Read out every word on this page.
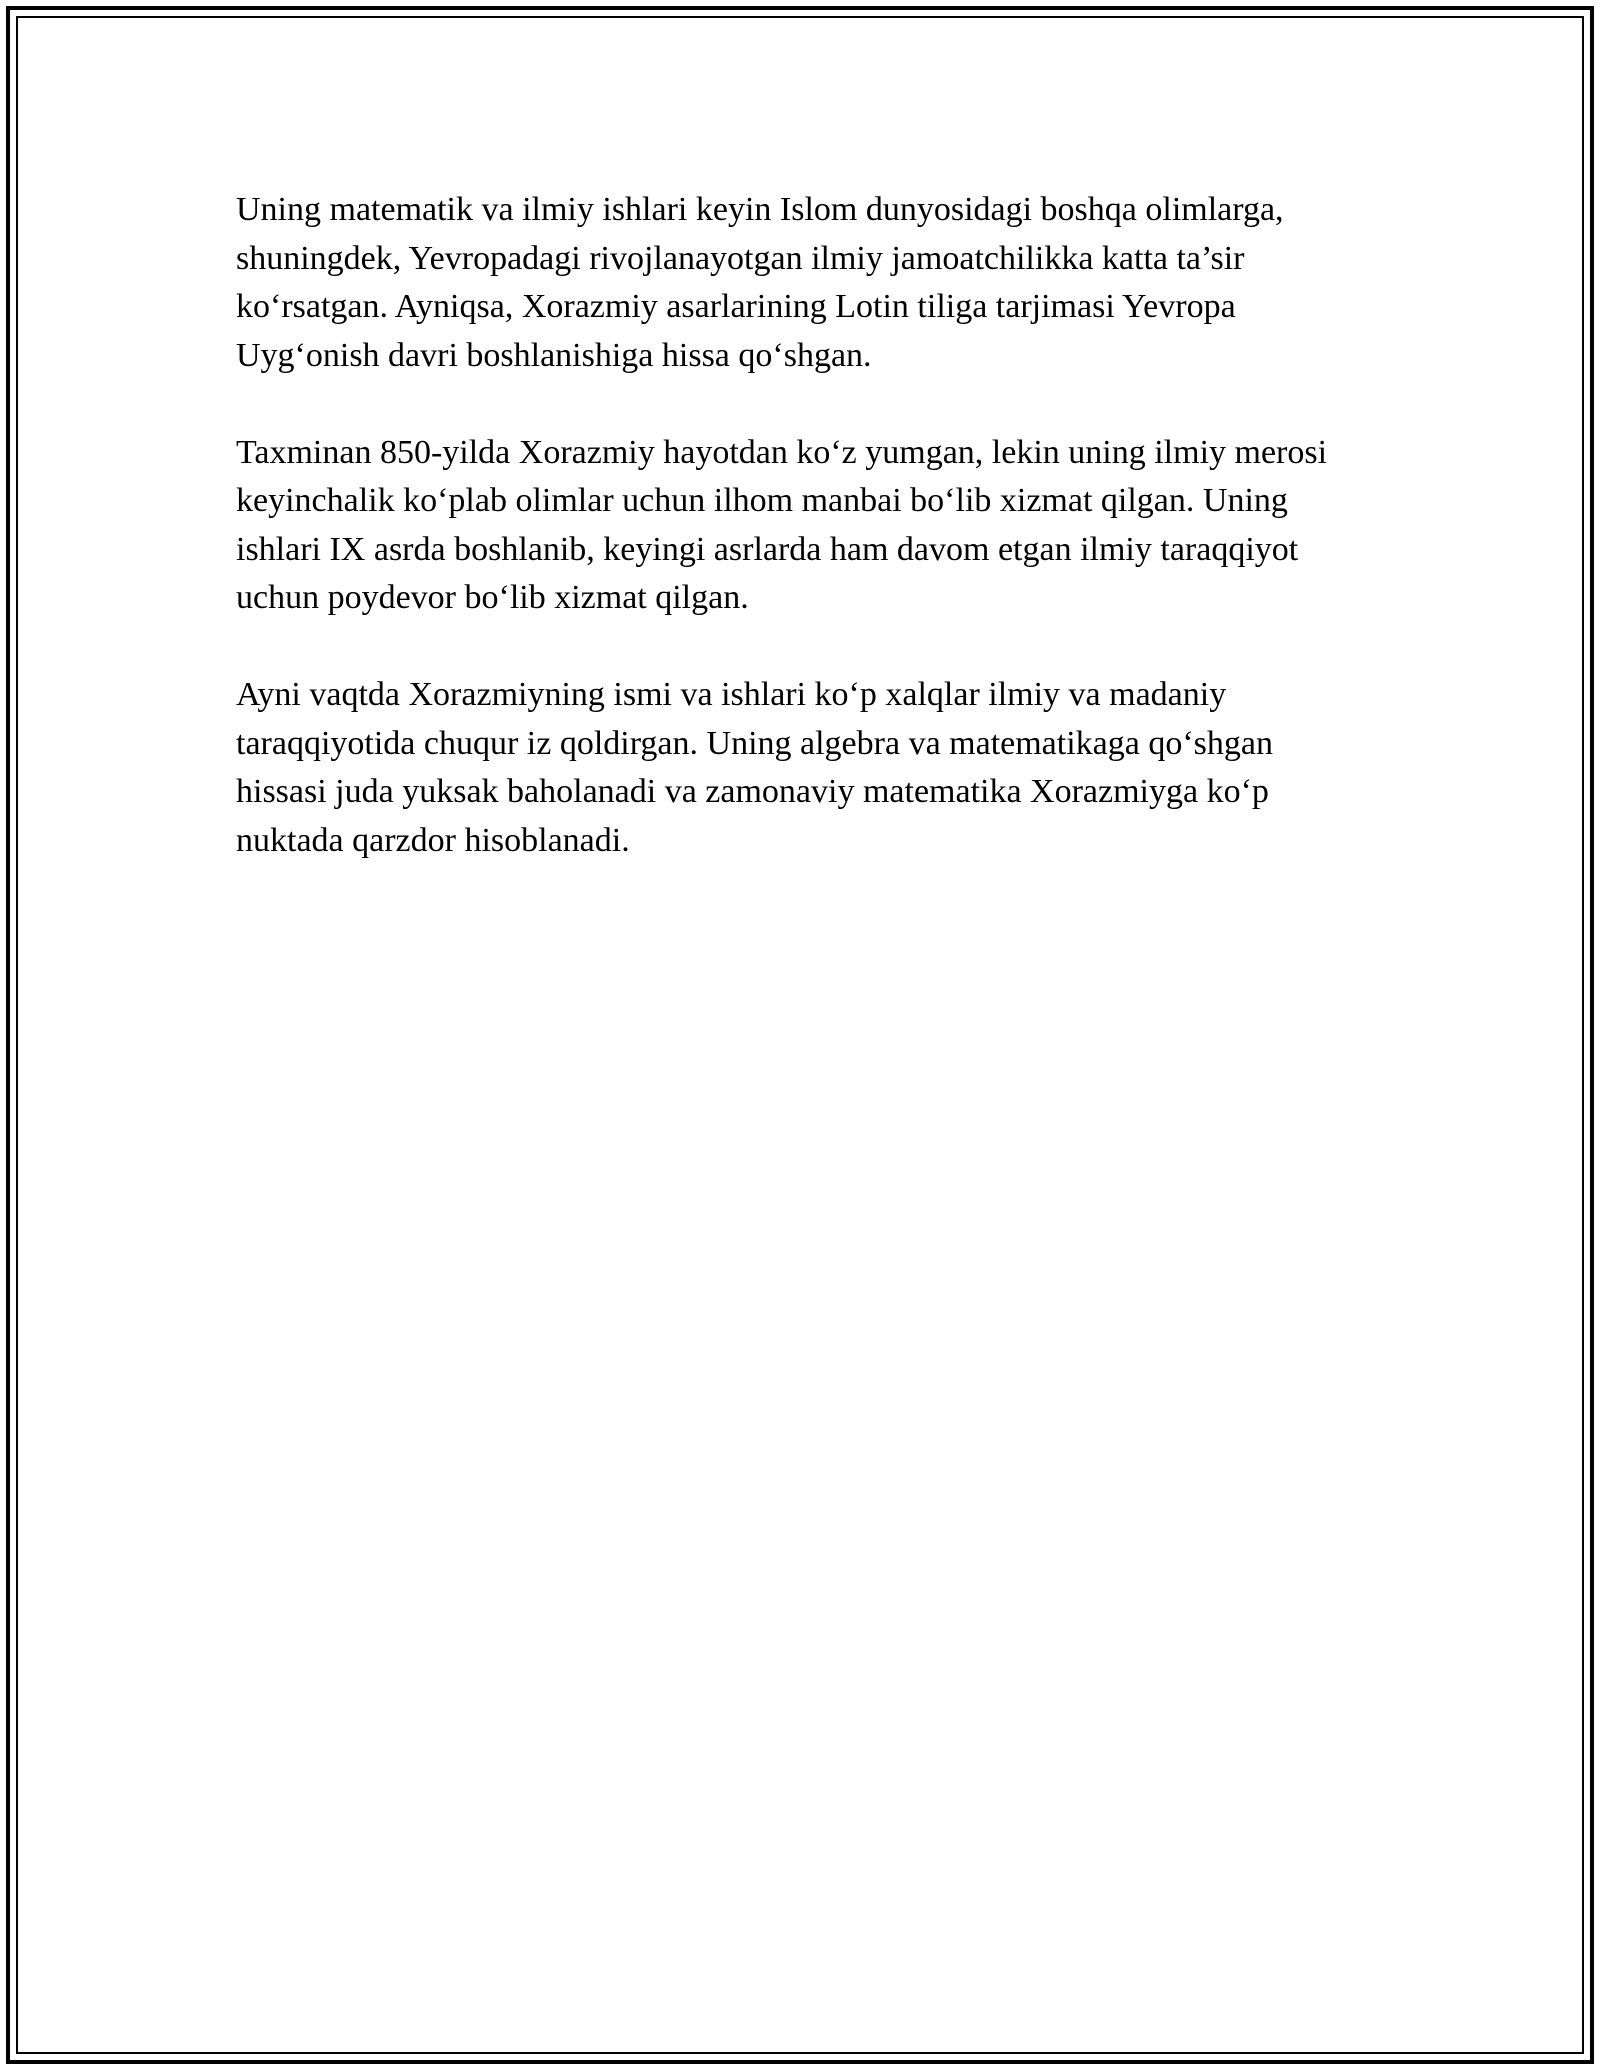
Uning matematik va ilmiy ishlari keyin Islom dunyosidagi boshqa olimlarga, shuningdek, Yevropadagi rivojlanayotgan ilmiy jamoatchilikka katta ta’sir ko‘rsatgan. Ayniqsa, Xorazmiy asarlarining Lotin tiliga tarjimasi Yevropa Uyg‘onish davri boshlanishiga hissa qo‘shgan.

Taxminan 850-yilda Xorazmiy hayotdan ko‘z yumgan, lekin uning ilmiy merosi keyinchalik ko‘plab olimlar uchun ilhom manbai bo‘lib xizmat qilgan. Uning ishlari IX asrda boshlanib, keyingi asrlarda ham davom etgan ilmiy taraqqiyot uchun poydevor bo‘lib xizmat qilgan.

Ayni vaqtda Xorazmiyning ismi va ishlari ko‘p xalqlar ilmiy va madaniy taraqqiyotida chuqur iz qoldirgan. Uning algebra va matematikaga qo‘shgan hissasi juda yuksak baholanadi va zamonaviy matematika Xorazmiyga ko‘p nuktada qarzdor hisoblanadi.
